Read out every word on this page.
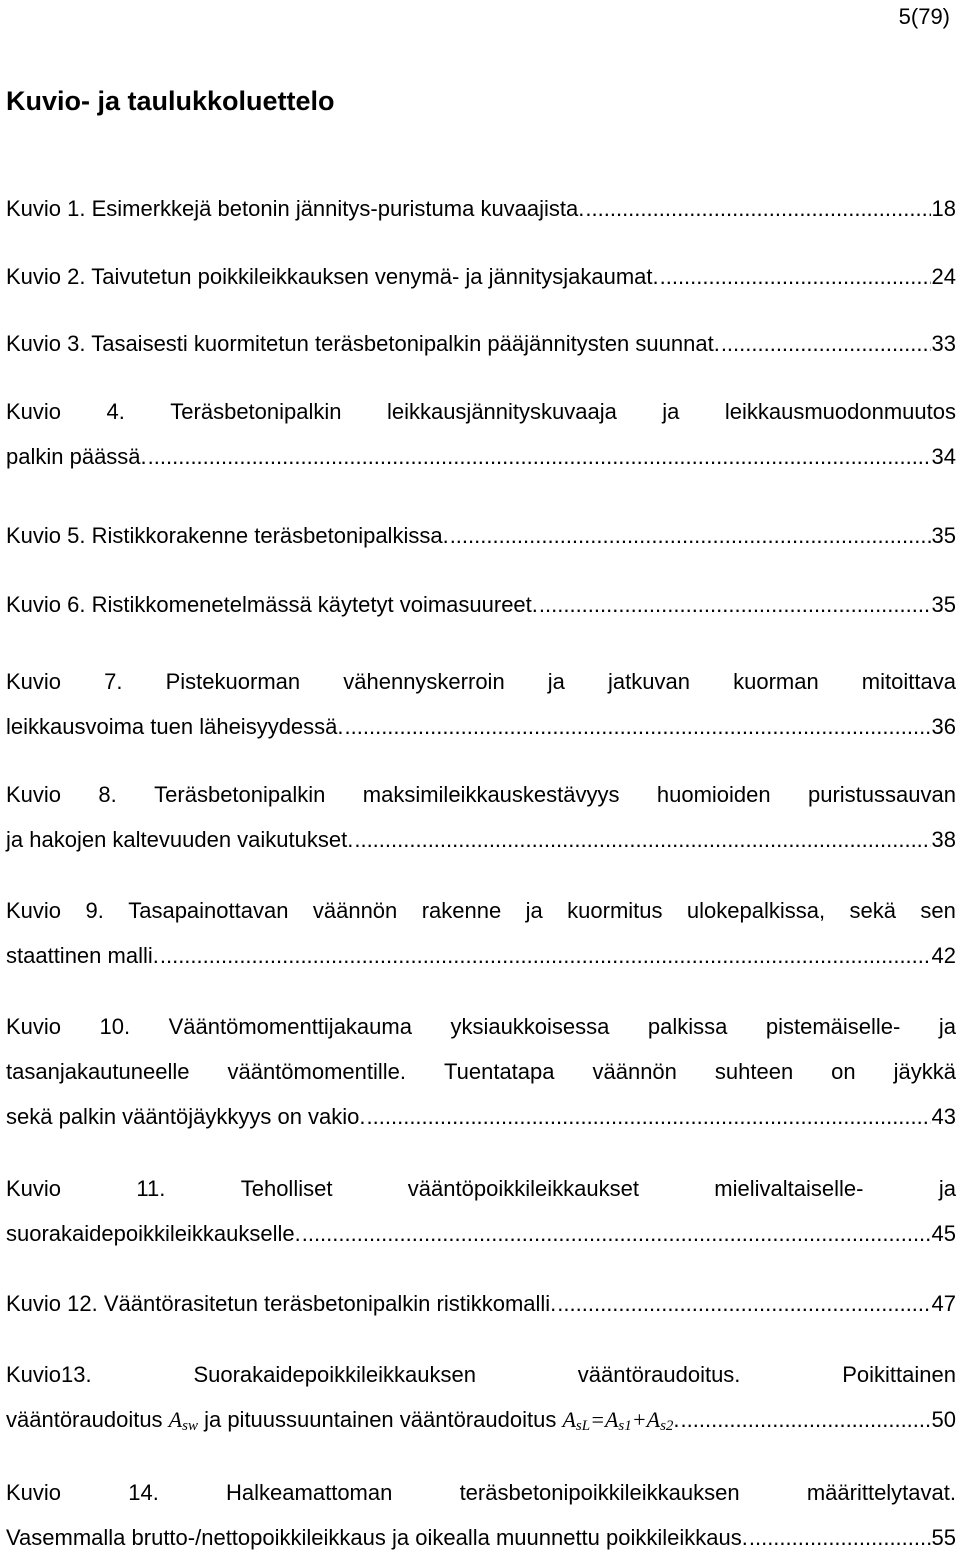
5(79)
Kuvio- ja taulukkoluettelo
Kuvio 1. Esimerkkejä betonin jännitys-puristuma kuvaajista. .....	18
Kuvio 2. Taivutetun poikkileikkauksen venymä- ja jännitysjakaumat. .....	24
Kuvio 3. Tasaisesti kuormitetun teräsbetonipalkin pääjännitysten suunnat. .....	33
Kuvio 4. Teräsbetonipalkin leikkausjännityskuvaaja ja leikkausmuodonmuutos
palkin päässä. .....	34
Kuvio 5. Ristikkorakenne teräsbetonipalkissa. .....	35
Kuvio 6. Ristikkomenetelmässä käytetyt voimasuureet. .....	35
Kuvio 7. Pistekuorman vähennyskerroin ja jatkuvan kuorman mitoittava
leikkausvoima tuen läheisyydessä. .....	36
Kuvio 8. Teräsbetonipalkin maksimileikkauskestävyys huomioiden puristussauvan
ja hakojen kaltevuuden vaikutukset. .....	38
Kuvio 9. Tasapainottavan väännön rakenne ja kuormitus ulokepalkissa, sekä sen
staattinen malli. .....	42
Kuvio 10. Vääntömomenttijakauma yksiaukkoisessa palkissa pistemäiselle- ja
tasanjakautuneelle vääntömomentille. Tuentatapa väännön suhteen on jäykkä
sekä palkin vääntöjäykkyys on vakio. .....	43
Kuvio	11.	Teholliset	vääntöpoikkileikkaukset	mielivaltaiselle-	ja
suorakaidepoikkileikkaukselle. .....	45
Kuvio 12. Vääntörasitetun teräsbetonipalkin ristikkomalli. .....	47
Kuvio13.	Suorakaidepoikkileikkauksen	vääntöraudoitus.	Poikittainen
vääntöraudoitus $A_{sw}$ ja pituussuuntainen vääntöraudoitus $A_{sL}=A_{s1}+A_{s2}$. .....	50
Kuvio	14.	Halkeamattoman	teräsbetonipoikkileikkauksen	määrittelytavat.
Vasemmalla brutto-/nettopoikkileikkaus ja oikealla muunnettu poikkileikkaus. .....	55
